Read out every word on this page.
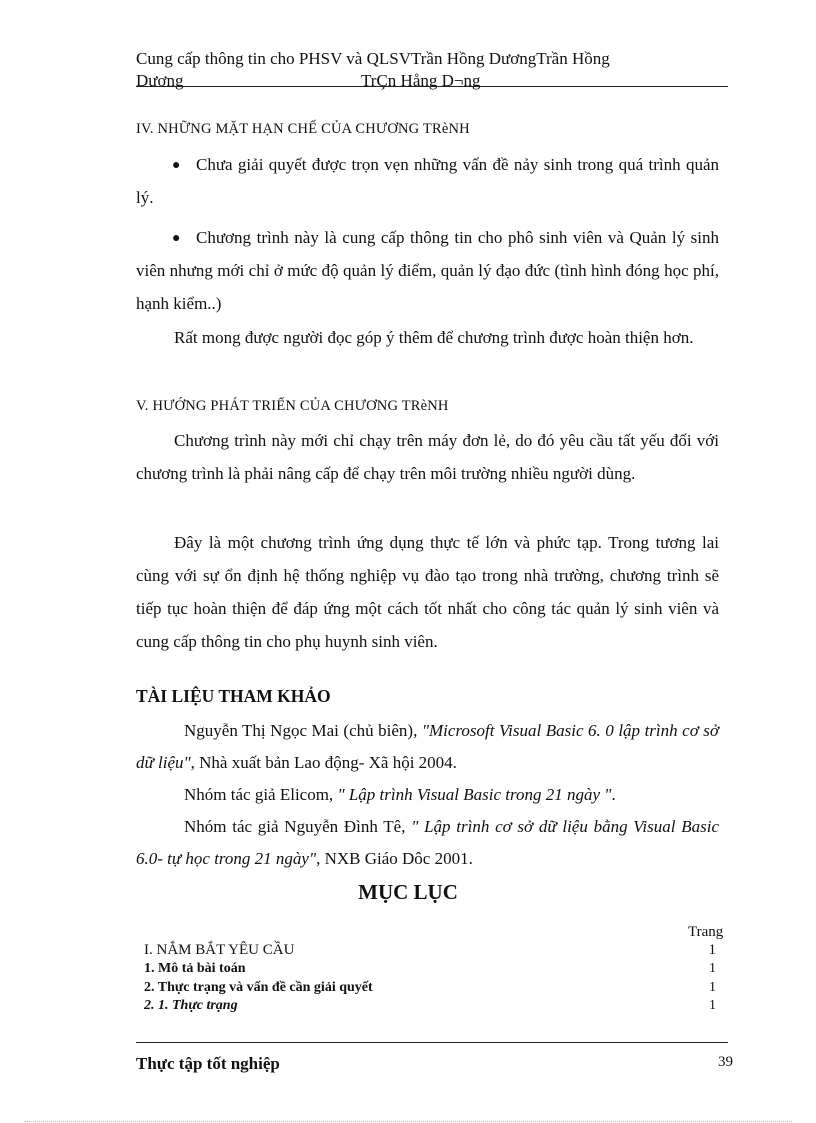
Cung cấp thông tin cho PHSV và QLSVTrần Hồng DươngTrần Hồng
Dương	TrÇn Hång D¬ng
IV. NHỮNG MẶT HẠN CHẾ CỦA CHƯƠNG TRèNH
● Chưa giải quyết được trọn vẹn những vấn đề nảy sinh trong quá trình quản lý.
● Chương trình này là cung cấp thông tin cho phô sinh viên và Quản lý sinh viên nhưng mới chỉ ở mức độ quản lý điểm, quản lý đạo đức (tình hình đóng học phí, hạnh kiểm..)
Rất mong được người đọc góp ý thêm để chương trình được hoàn thiện hơn.
V. HƯỚNG PHÁT TRIỂN CỦA CHƯƠNG TRèNH
Chương trình này mới chỉ chạy trên máy đơn lẻ, do đó yêu cầu tất yếu đối với chương trình là phải nâng cấp để chạy trên môi trường nhiều người dùng.
Đây là một chương trình ứng dụng thực tế lớn và phức tạp. Trong tương lai cùng với sự ổn định hệ thống nghiệp vụ đào tạo trong nhà trường, chương trình sẽ tiếp tục hoàn thiện để đáp ứng một cách tốt nhất cho công tác quản lý sinh viên và cung cấp thông tin cho phụ huynh sinh viên.
TÀI LIỆU THAM KHẢO
Nguyễn Thị Ngọc Mai (chủ biên), "Microsoft Visual Basic 6. 0 lập trình cơ sở dữ liệu", Nhà xuất bản Lao động- Xã hội 2004.
Nhóm tác giả Elicom, " Lập trình Visual Basic trong 21 ngày ".
Nhóm tác giả Nguyễn Đình Tê, " Lập trình cơ sở dữ liệu bằng Visual Basic 6.0- tự học trong 21 ngày", NXB Giáo Dôc 2001.
MỤC LỤC
Trang
I. NẮM BẮT YÊU CẦU	1
1. Mô tả bài toán	1
2. Thực trạng và vấn đề cần giải quyết	1
2. 1. Thực trạng	1
Thực tập tốt nghiệp	39
